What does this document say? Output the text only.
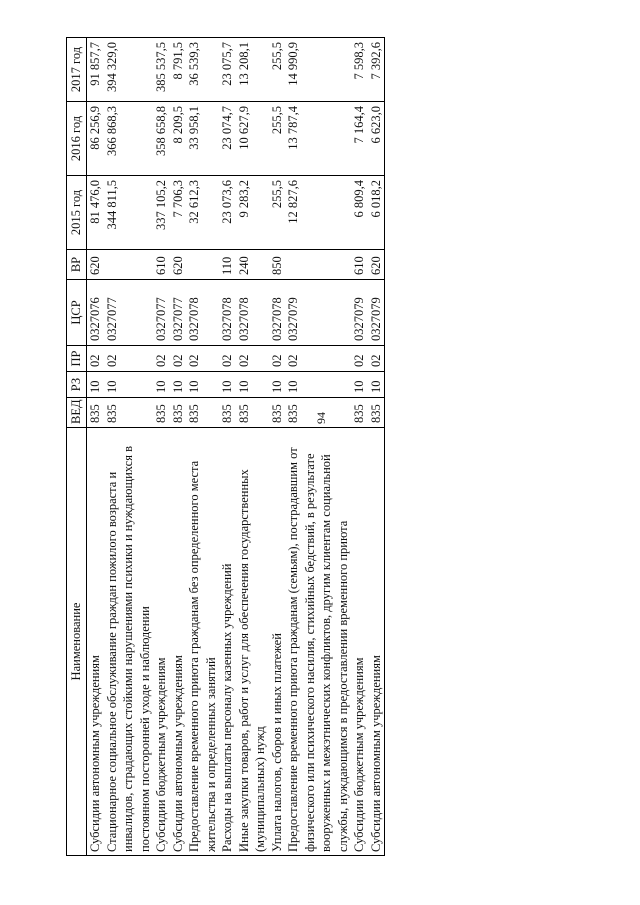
94
Наименование	ВЕД	РЗ	ПР	ЦСР	ВР	2015 год	2016 год	2017 год
Субсидии автономным учреждениям	835	10	02	0327076	620	81 476,0	86 256,9	91 857,7
Стационарное социальное обслуживание граждан пожилого возраста и инвалидов, страдающих стойкими нарушениями психики и нуждающихся в постоянном посторонней уходе и наблюдении	835	10	02	0327077		344 811,5	366 868,3	394 329,0
Субсидии бюджетным учреждениям	835	10	02	0327077	610	337 105,2	358 658,8	385 537,5
Субсидии автономным учреждениям	835	10	02	0327077	620	7 706,3	8 209,5	8 791,5
Предоставление временного приюта гражданам без определенного места жительства и определенных занятий	835	10	02	0327078		32 612,3	33 958,1	36 539,3
Расходы на выплаты персоналу казенных учреждений	835	10	02	0327078	110	23 073,6	23 074,7	23 075,7
Иные закупки товаров, работ и услуг для обеспечения государственных (муниципальных) нужд	835	10	02	0327078	240	9 283,2	10 627,9	13 208,1
Уплата налогов, сборов и иных платежей	835	10	02	0327078	850	255,5	255,5	255,5
Предоставление временного приюта гражданам (семьям), пострадавшим от физического или психического насилия, стихийных бедствий, в результате вооруженных и межэтнических конфликтов, другим клиентам социальной службы, нуждающимся в предоставлении временного приюта	835	10	02	0327079		12 827,6	13 787,4	14 990,9
Субсидии бюджетным учреждениям	835	10	02	0327079	610	6 809,4	7 164,4	7 598,3
Субсидии автономным учреждениям	835	10	02	0327079	620	6 018,2	6 623,0	7 392,6
